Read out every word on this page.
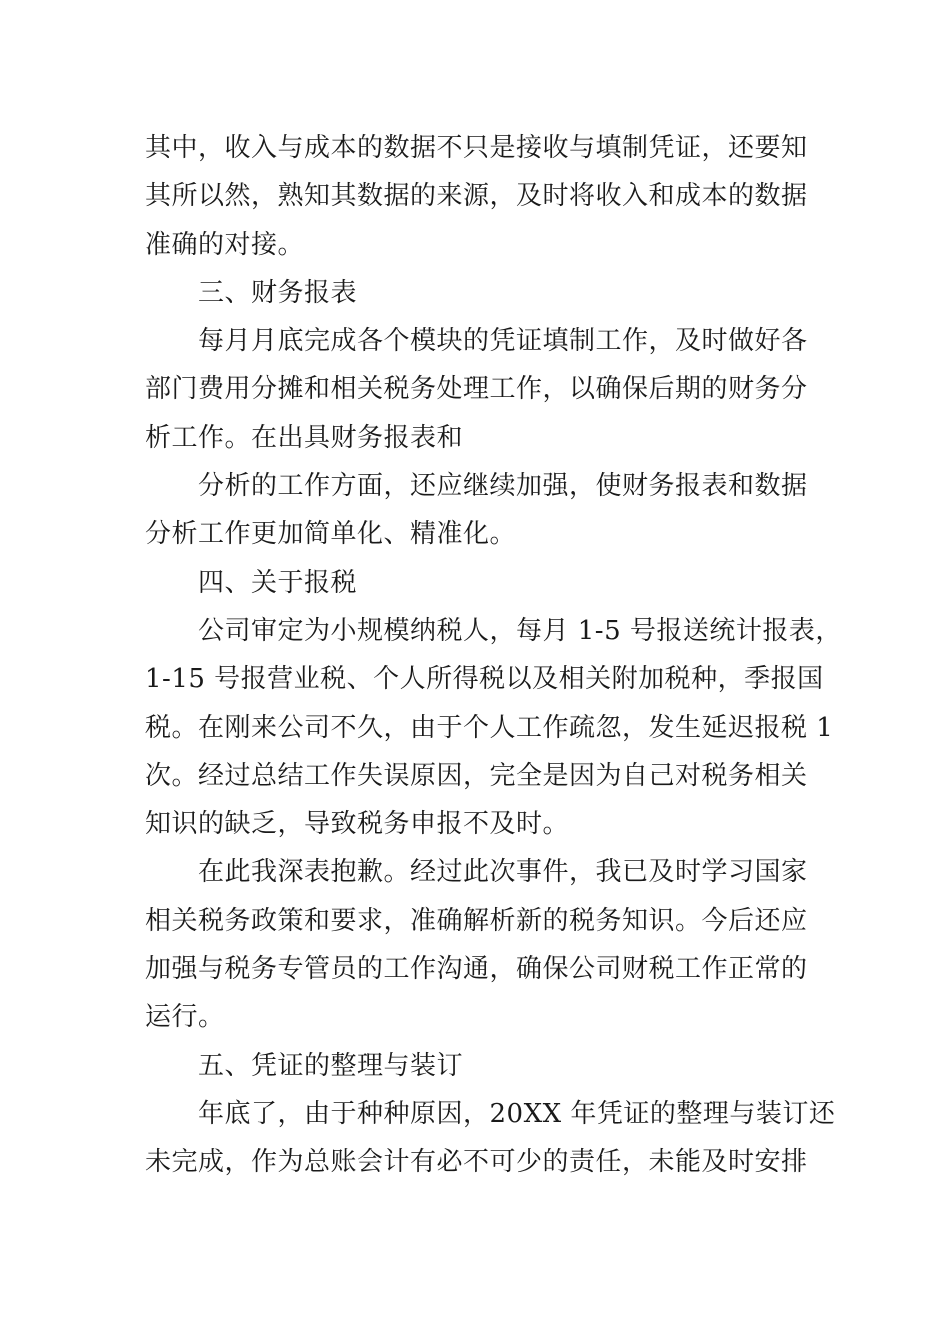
其中，收入与成本的数据不只是接收与填制凭证，还要知
其所以然，熟知其数据的来源，及时将收入和成本的数据
准确的对接。
三、财务报表
每月月底完成各个模块的凭证填制工作，及时做好各
部门费用分摊和相关税务处理工作，以确保后期的财务分
析工作。在出具财务报表和
分析的工作方面，还应继续加强，使财务报表和数据
分析工作更加简单化、精准化。
四、关于报税
公司审定为小规模纳税人，每月 1-5 号报送统计报表，
1-15 号报营业税、个人所得税以及相关附加税种，季报国
税。在刚来公司不久，由于个人工作疏忽，发生延迟报税 1
次。经过总结工作失误原因，完全是因为自己对税务相关
知识的缺乏，导致税务申报不及时。
在此我深表抱歉。经过此次事件，我已及时学习国家
相关税务政策和要求，准确解析新的税务知识。今后还应
加强与税务专管员的工作沟通，确保公司财税工作正常的
运行。
五、凭证的整理与装订
年底了，由于种种原因，20XX 年凭证的整理与装订还
未完成，作为总账会计有必不可少的责任，未能及时安排
